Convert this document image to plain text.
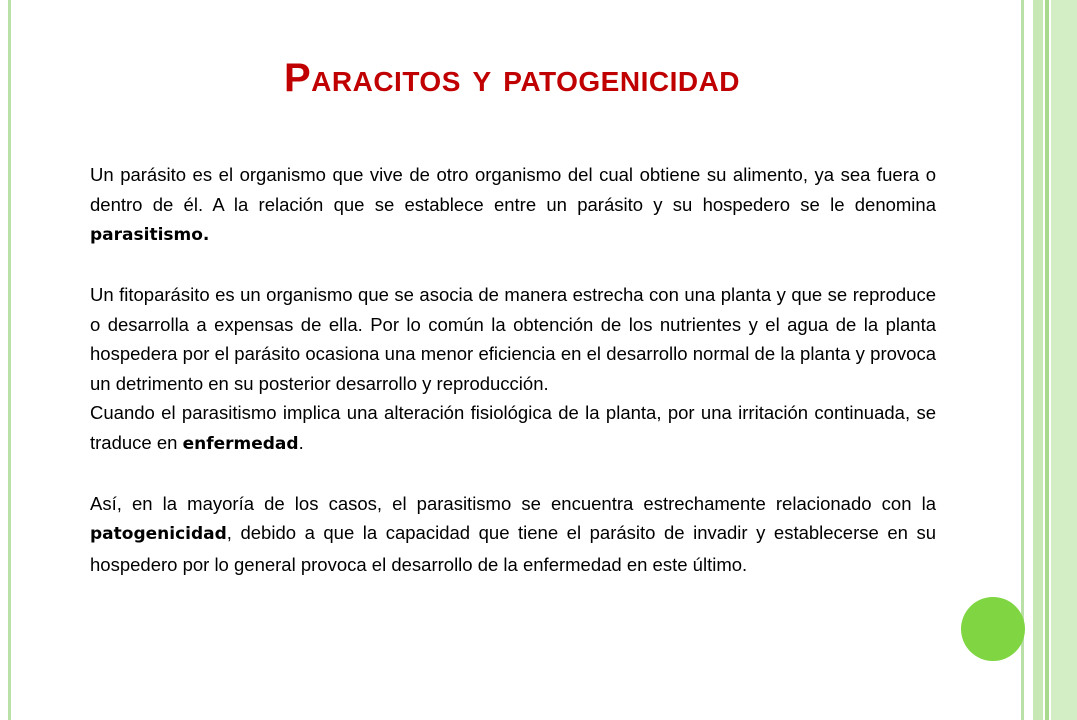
Paracitos y patogenicidad

Un parásito es el organismo que vive de otro organismo del cual obtiene su alimento, ya sea fuera o dentro de él. A la relación que se establece entre un parásito y su hospedero se le denomina parasitismo.

Un fitoparásito es un organismo que se asocia de manera estrecha con una planta y que se reproduce o desarrolla a expensas de ella. Por lo común la obtención de los nutrientes y el agua de la planta hospedera por el parásito ocasiona una menor eficiencia en el desarrollo normal de la planta y provoca un detrimento en su posterior desarrollo y reproducción.

Cuando el parasitismo implica una alteración fisiológica de la planta, por una irritación continuada, se traduce en enfermedad.

Así, en la mayoría de los casos, el parasitismo se encuentra estrechamente relacionado con la patogenicidad, debido a que la capacidad que tiene el parásito de invadir y establecerse en su hospedero por lo general provoca el desarrollo de la enfermedad en este último.
